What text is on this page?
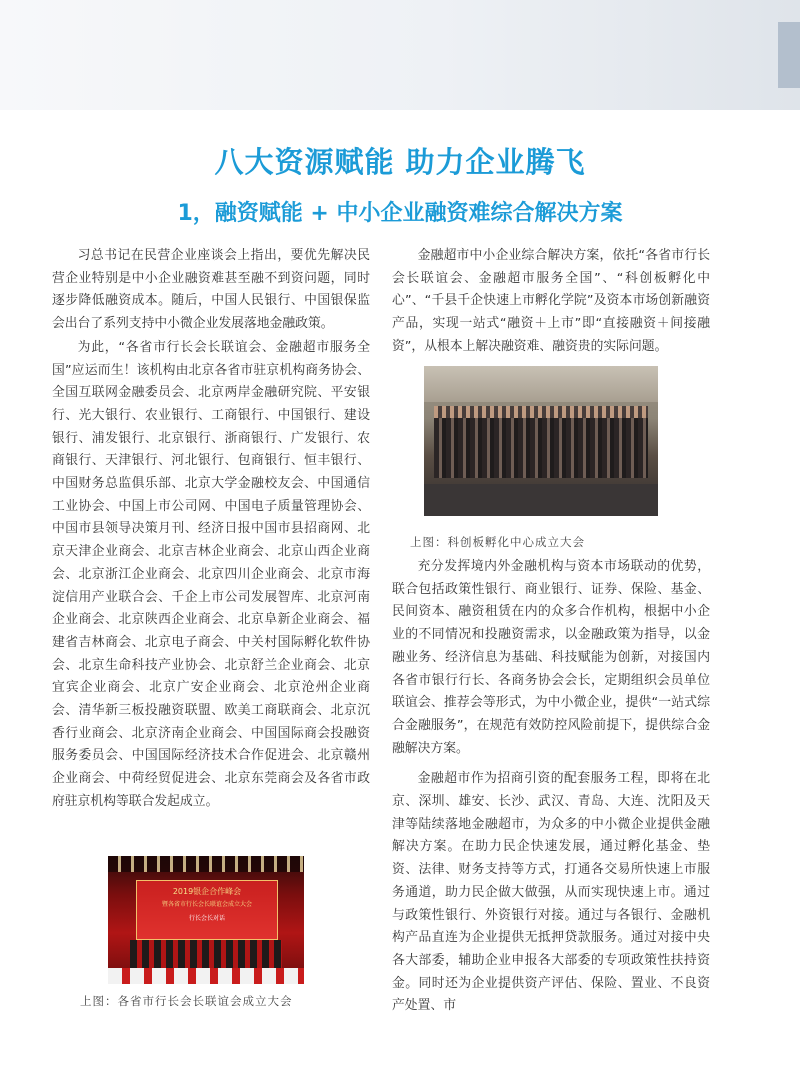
八大资源赋能 助力企业腾飞
1，融资赋能 + 中小企业融资难综合解决方案

习总书记在民营企业座谈会上指出，要优先解决民营企业特别是中小企业融资难甚至融不到资问题，同时逐步降低融资成本。随后，中国人民银行、中国银保监会出台了系列支持中小微企业发展落地金融政策。

为此，“各省市行长会长联谊会、金融超市服务全国”应运而生！该机构由北京各省市驻京机构商务协会、全国互联网金融委员会、北京两岸金融研究院、平安银行、光大银行、农业银行、工商银行、中国银行、建设银行、浦发银行、北京银行、浙商银行、广发银行、农商银行、天津银行、河北银行、包商银行、恒丰银行、中国财务总监俱乐部、北京大学金融校友会、中国通信工业协会、中国上市公司网、中国电子质量管理协会、中国市县领导决策月刊、经济日报中国市县招商网、北京天津企业商会、北京吉林企业商会、北京山西企业商会、北京浙江企业商会、北京四川企业商会、北京市海淀信用产业联合会、千企上市公司发展智库、北京河南企业商会、北京陕西企业商会、北京阜新企业商会、福建省吉林商会、北京电子商会、中关村国际孵化软件协会、北京生命科技产业协会、北京舒兰企业商会、北京宜宾企业商会、北京广安企业商会、北京沧州企业商会、清华新三板投融资联盟、欧美工商联商会、北京沉香行业商会、北京济南企业商会、中国国际商会投融资服务委员会、中国国际经济技术合作促进会、北京赣州企业商会、中荷经贸促进会、北京东莞商会及各省市政府驻京机构等联合发起成立。

金融超市中小企业综合解决方案，依托“各省市行长会长联谊会、金融超市服务全国”、“科创板孵化中心”、“千县千企快速上市孵化学院”及资本市场创新融资产品，实现一站式“融资＋上市”即“直接融资＋间接融资”，从根本上解决融资难、融资贵的实际问题。

上图：科创板孵化中心成立大会

充分发挥境内外金融机构与资本市场联动的优势，联合包括政策性银行、商业银行、证券、保险、基金、民间资本、融资租赁在内的众多合作机构，根据中小企业的不同情况和投融资需求，以金融政策为指导，以金融业务、经济信息为基础、科技赋能为创新，对接国内各省市银行行长、各商务协会会长，定期组织会员单位联谊会、推荐会等形式，为中小微企业，提供“一站式综合金融服务”，在规范有效防控风险前提下，提供综合金融解决方案。

金融超市作为招商引资的配套服务工程，即将在北京、深圳、雄安、长沙、武汉、青岛、大连、沈阳及天津等陆续落地金融超市，为众多的中小微企业提供金融解决方案。在助力民企快速发展，通过孵化基金、垫资、法律、财务支持等方式，打通各交易所快速上市服务通道，助力民企做大做强，从而实现快速上市。通过与政策性银行、外资银行对接。通过与各银行、金融机构产品直连为企业提供无抵押贷款服务。通过对接中央各大部委，辅助企业申报各大部委的专项政策性扶持资金。同时还为企业提供资产评估、保险、置业、不良资产处置、市

2019银企合作峰会
暨各省市行长会长联谊会成立大会
行长会长对话
上图：各省市行长会长联谊会成立大会
